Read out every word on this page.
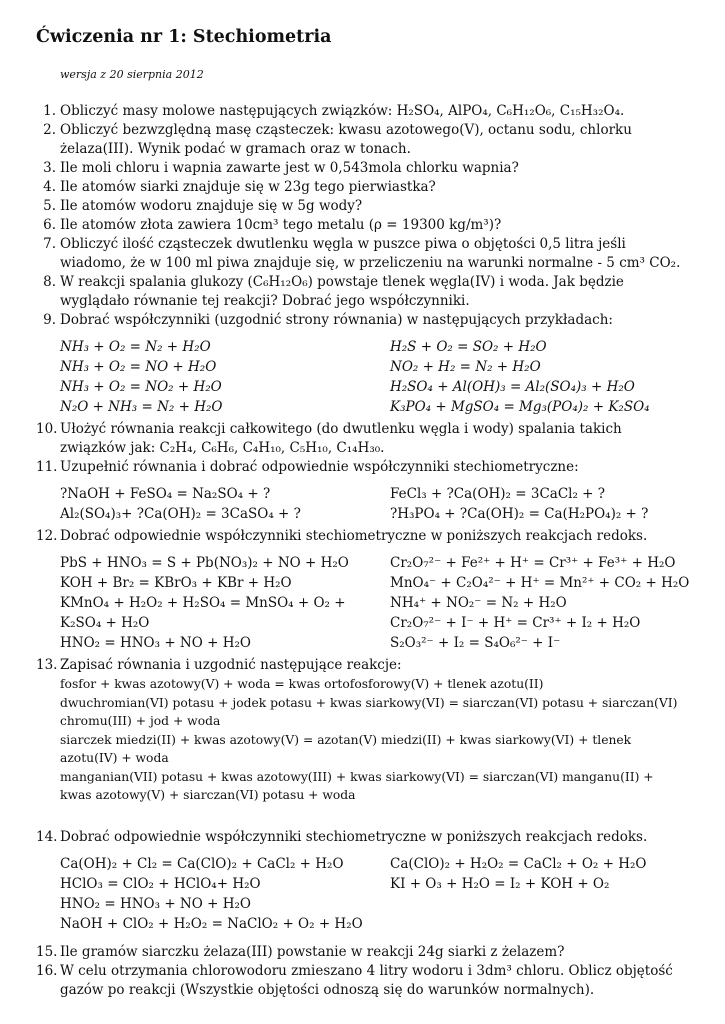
Ćwiczenia nr 1: Stechiometria
wersja z 20 sierpnia 2012
1. Obliczyć masy molowe następujących związków: H₂SO₄, AlPO₄, C₆H₁₂O₆, C₁₅H₃₂O₄.
2. Obliczyć bezwzględną masę cząsteczek: kwasu azotowego(V), octanu sodu, chlorku żelaza(III). Wynik podać w gramach oraz w tonach.
3. Ile moli chloru i wapnia zawarte jest w 0,543mola chlorku wapnia?
4. Ile atomów siarki znajduje się w 23g tego pierwiastka?
5. Ile atomów wodoru znajduje się w 5g wody?
6. Ile atomów złota zawiera 10cm³ tego metalu (ρ = 19300 kg/m³)?
7. Obliczyć ilość cząsteczek dwutlenku węgla w puszce piwa o objętości 0,5 litra jeśli wiadomo, że w 100 ml piwa znajduje się, w przeliczeniu na warunki normalne - 5 cm³ CO₂.
8. W reakcji spalania glukozy (C₆H₁₂O₆) powstaje tlenek węgla(IV) i woda. Jak będzie wyglądało równanie tej reakcji? Dobrać jego współczynniki.
9. Dobrać współczynniki (uzgodnić strony równania) w następujących przykładach:
NH₃ + O₂ = N₂ + H₂O	H₂S + O₂ = SO₂ + H₂O
NH₃ + O₂ = NO + H₂O	NO₂ + H₂ = N₂ + H₂O
NH₃ + O₂ = NO₂ + H₂O	H₂SO₄ + Al(OH)₃ = Al₂(SO₄)₃ + H₂O
N₂O + NH₃ = N₂ + H₂O	K₃PO₄ + MgSO₄ = Mg₃(PO₄)₂ + K₂SO₄
10. Ułożyć równania reakcji całkowitego (do dwutlenku węgla i wody) spalania takich związków jak: C₂H₄, C₆H₆, C₄H₁₀, C₅H₁₀, C₁₄H₃₀.
11. Uzupełnić równania i dobrać odpowiednie współczynniki stechiometryczne:
?NaOH + FeSO₄ = Na₂SO₄ + ?	FeCl₃ + ?Ca(OH)₂ = 3CaCl₂ + ?
Al₂(SO₄)₃+ ?Ca(OH)₂ = 3CaSO₄ + ?	?H₃PO₄ + ?Ca(OH)₂ = Ca(H₂PO₄)₂ + ?
12. Dobrać odpowiednie współczynniki stechiometryczne w poniższych reakcjach redoks.
PbS + HNO₃ = S + Pb(NO₃)₂ + NO + H₂O	Cr₂O₇²⁻ + Fe²⁺ + H⁺ = Cr³⁺ + Fe³⁺ + H₂O
KOH + Br₂ = KBrO₃ + KBr + H₂O	MnO₄⁻ + C₂O₄²⁻ + H⁺ = Mn²⁺ + CO₂ + H₂O
KMnO₄ + H₂O₂ + H₂SO₄ = MnSO₄ + O₂ +	NH₄⁺ + NO₂⁻ = N₂ + H₂O
K₂SO₄ + H₂O	Cr₂O₇²⁻ + I⁻ + H⁺ = Cr³⁺ + I₂ + H₂O
HNO₂ = HNO₃ + NO + H₂O	S₂O₃²⁻ + I₂ = S₄O₆²⁻ + I⁻
13. Zapisać równania i uzgodnić następujące reakcje:
fosfor + kwas azotowy(V) + woda = kwas ortofosforowy(V) + tlenek azotu(II)
dwuchromian(VI) potasu + jodek potasu + kwas siarkowy(VI) = siarczan(VI) potasu + siarczan(VI) chromu(III) + jod + woda
siarczek miedzi(II) + kwas azotowy(V) = azotan(V) miedzi(II) + kwas siarkowy(VI) + tlenek azotu(IV) + woda
manganian(VII) potasu + kwas azotowy(III) + kwas siarkowy(VI) = siarczan(VI) manganu(II) + kwas azotowy(V) + siarczan(VI) potasu + woda
14. Dobrać odpowiednie współczynniki stechiometryczne w poniższych reakcjach redoks.
Ca(OH)₂ + Cl₂ = Ca(ClO)₂ + CaCl₂ + H₂O	Ca(ClO)₂ + H₂O₂ = CaCl₂ + O₂ + H₂O
HClO₃ = ClO₂ + HClO₄+ H₂O	KI + O₃ + H₂O = I₂ + KOH + O₂
HNO₂ = HNO₃ + NO + H₂O
NaOH + ClO₂ + H₂O₂ = NaClO₂ + O₂ + H₂O
15. Ile gramów siarczku żelaza(III) powstanie w reakcji 24g siarki z żelazem?
16. W celu otrzymania chlorowodoru zmieszano 4 litry wodoru i 3dm³ chloru. Oblicz objętość gazów po reakcji (Wszystkie objętości odnoszą się do warunków normalnych).
